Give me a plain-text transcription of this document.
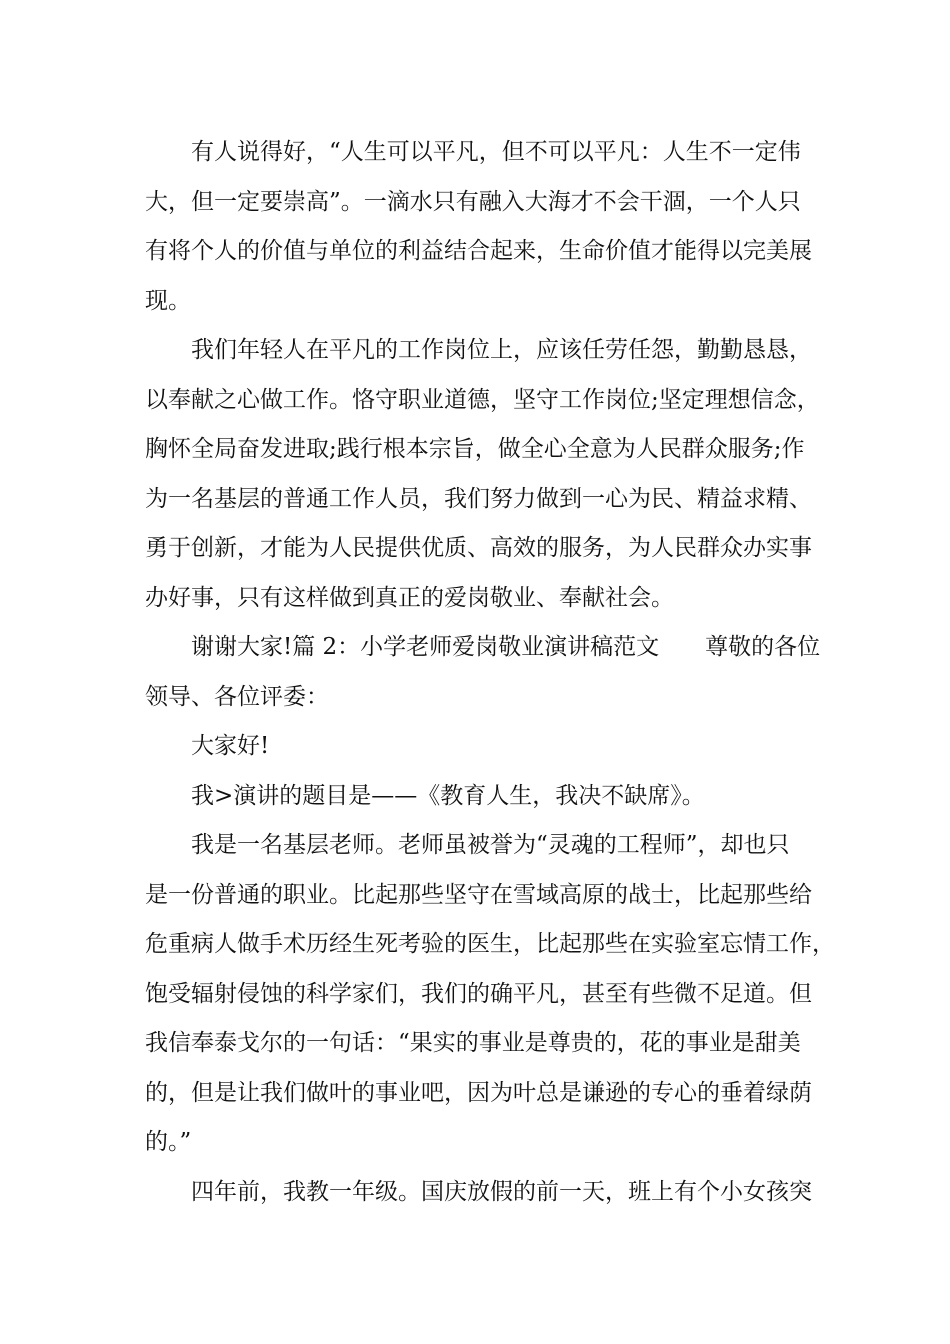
有人说得好，“人生可以平凡，但不可以平凡：人生不一定伟
大，但一定要崇高”。一滴水只有融入大海才不会干涸，一个人只
有将个人的价值与单位的利益结合起来，生命价值才能得以完美展
现。
我们年轻人在平凡的工作岗位上，应该任劳任怨，勤勤恳恳，
以奉献之心做工作。恪守职业道德，坚守工作岗位;坚定理想信念，
胸怀全局奋发进取;践行根本宗旨，做全心全意为人民群众服务;作
为一名基层的普通工作人员，我们努力做到一心为民、精益求精、
勇于创新，才能为人民提供优质、高效的服务，为人民群众办实事
办好事，只有这样做到真正的爱岗敬业、奉献社会。
谢谢大家!篇 2：小学老师爱岗敬业演讲稿范文　　尊敬的各位
领导、各位评委：
大家好!
我>演讲的题目是——《教育人生，我决不缺席》。
我是一名基层老师。老师虽被誉为“灵魂的工程师”，却也只
是一份普通的职业。比起那些坚守在雪域高原的战士，比起那些给
危重病人做手术历经生死考验的医生，比起那些在实验室忘情工作，
饱受辐射侵蚀的科学家们，我们的确平凡，甚至有些微不足道。但
我信奉泰戈尔的一句话：“果实的事业是尊贵的，花的事业是甜美
的，但是让我们做叶的事业吧，因为叶总是谦逊的专心的垂着绿荫
的。”
四年前，我教一年级。国庆放假的前一天，班上有个小女孩突
